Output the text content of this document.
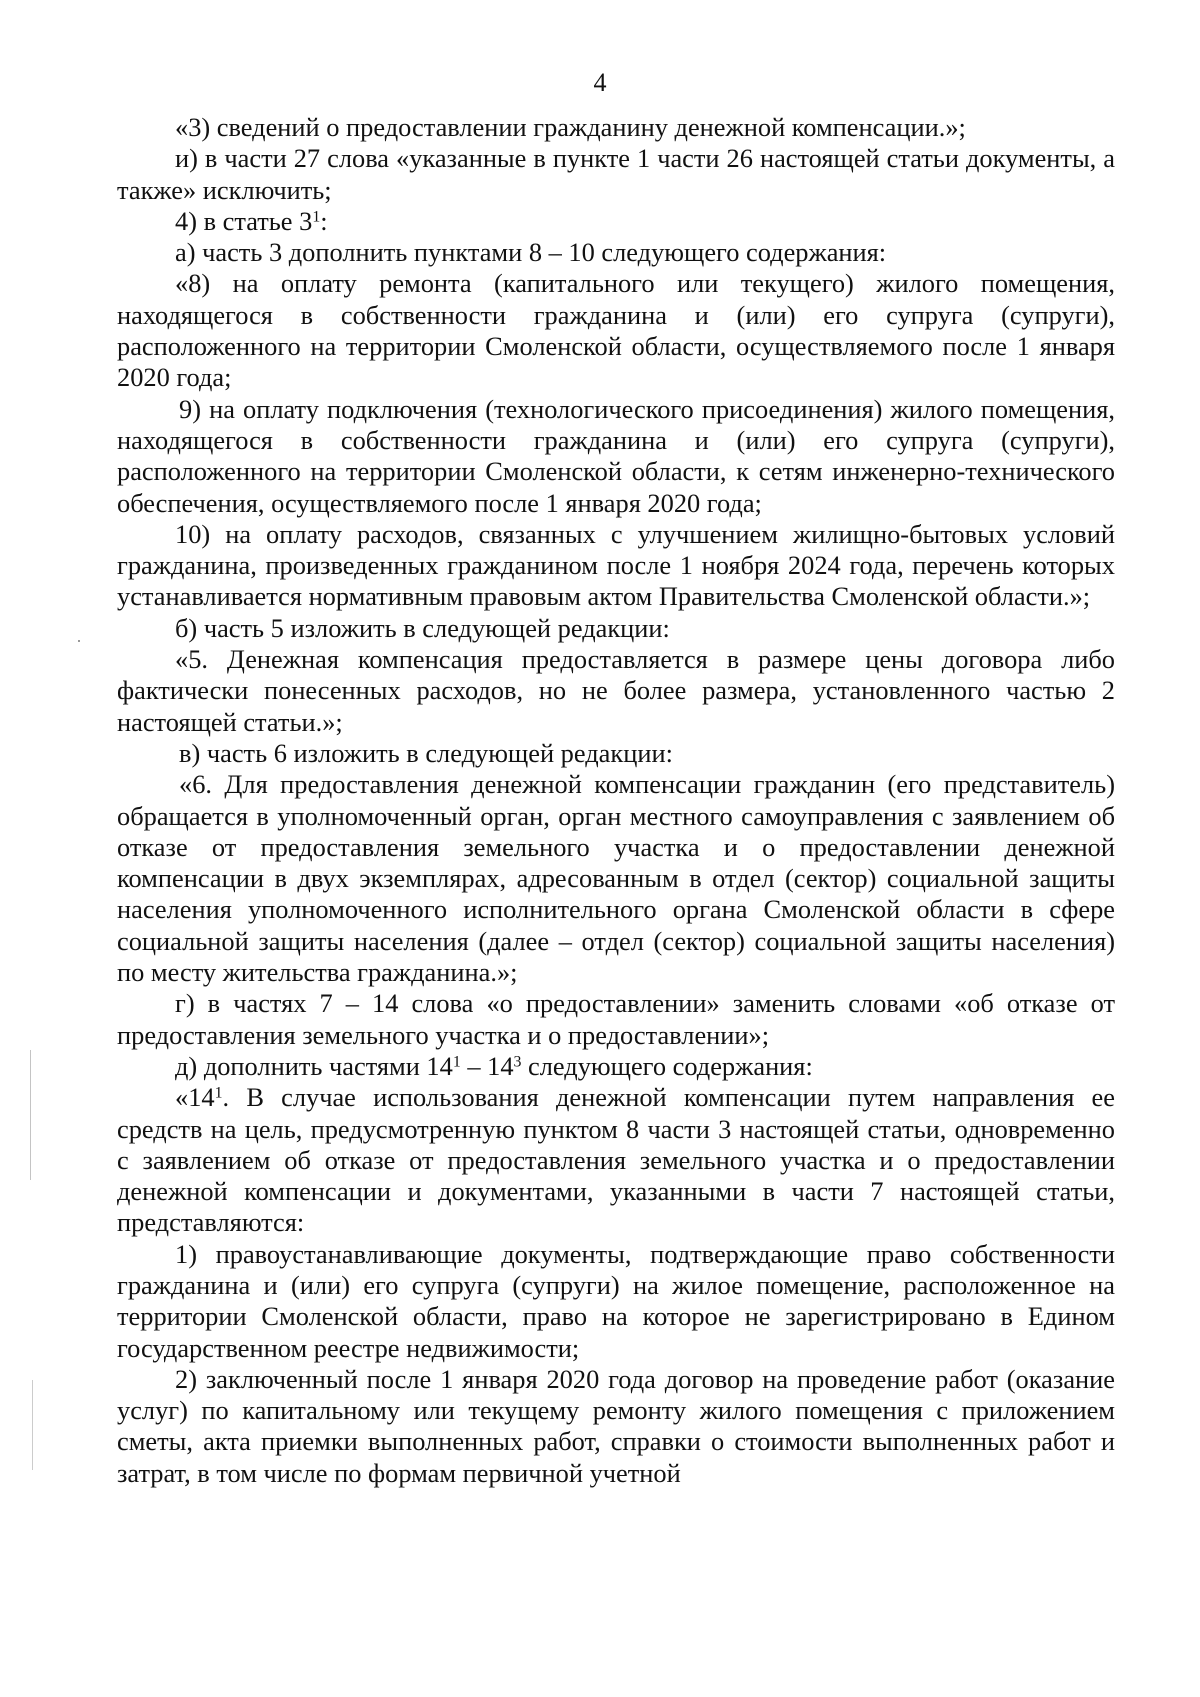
4

«3) сведений о предоставлении гражданину денежной компенсации.»;

и) в части 27 слова «указанные в пункте 1 части 26 настоящей статьи документы, а также» исключить;

4) в статье $3^1$:

а) часть 3 дополнить пунктами 8 – 10 следующего содержания:

«8) на оплату ремонта (капитального или текущего) жилого помещения, находящегося в собственности гражданина и (или) его супруга (супруги), расположенного на территории Смоленской области, осуществляемого после 1 января 2020 года;

9) на оплату подключения (технологического присоединения) жилого помещения, находящегося в собственности гражданина и (или) его супруга (супруги), расположенного на территории Смоленской области, к сетям инженерно-технического обеспечения, осуществляемого после 1 января 2020 года;

10) на оплату расходов, связанных с улучшением жилищно-бытовых условий гражданина, произведенных гражданином после 1 ноября 2024 года, перечень которых устанавливается нормативным правовым актом Правительства Смоленской области.»;

б) часть 5 изложить в следующей редакции:

«5. Денежная компенсация предоставляется в размере цены договора либо фактически понесенных расходов, но не более размера, установленного частью 2 настоящей статьи.»;

в) часть 6 изложить в следующей редакции:

«6. Для предоставления денежной компенсации гражданин (его представитель) обращается в уполномоченный орган, орган местного самоуправления с заявлением об отказе от предоставления земельного участка и о предоставлении денежной компенсации в двух экземплярах, адресованным в отдел (сектор) социальной защиты населения уполномоченного исполнительного органа Смоленской области в сфере социальной защиты населения (далее – отдел (сектор) социальной защиты населения) по месту жительства гражданина.»;

г) в частях 7 – 14 слова «о предоставлении» заменить словами «об отказе от предоставления земельного участка и о предоставлении»;

д) дополнить частями $14^1 - 14^3$ следующего содержания:

«$14^1$. В случае использования денежной компенсации путем направления ее средств на цель, предусмотренную пунктом 8 части 3 настоящей статьи, одновременно с заявлением об отказе от предоставления земельного участка и о предоставлении денежной компенсации и документами, указанными в части 7 настоящей статьи, представляются:

1) правоустанавливающие документы, подтверждающие право собственности гражданина и (или) его супруга (супруги) на жилое помещение, расположенное на территории Смоленской области, право на которое не зарегистрировано в Едином государственном реестре недвижимости;

2) заключенный после 1 января 2020 года договор на проведение работ (оказание услуг) по капитальному или текущему ремонту жилого помещения с приложением сметы, акта приемки выполненных работ, справки о стоимости выполненных работ и затрат, в том числе по формам первичной учетной
